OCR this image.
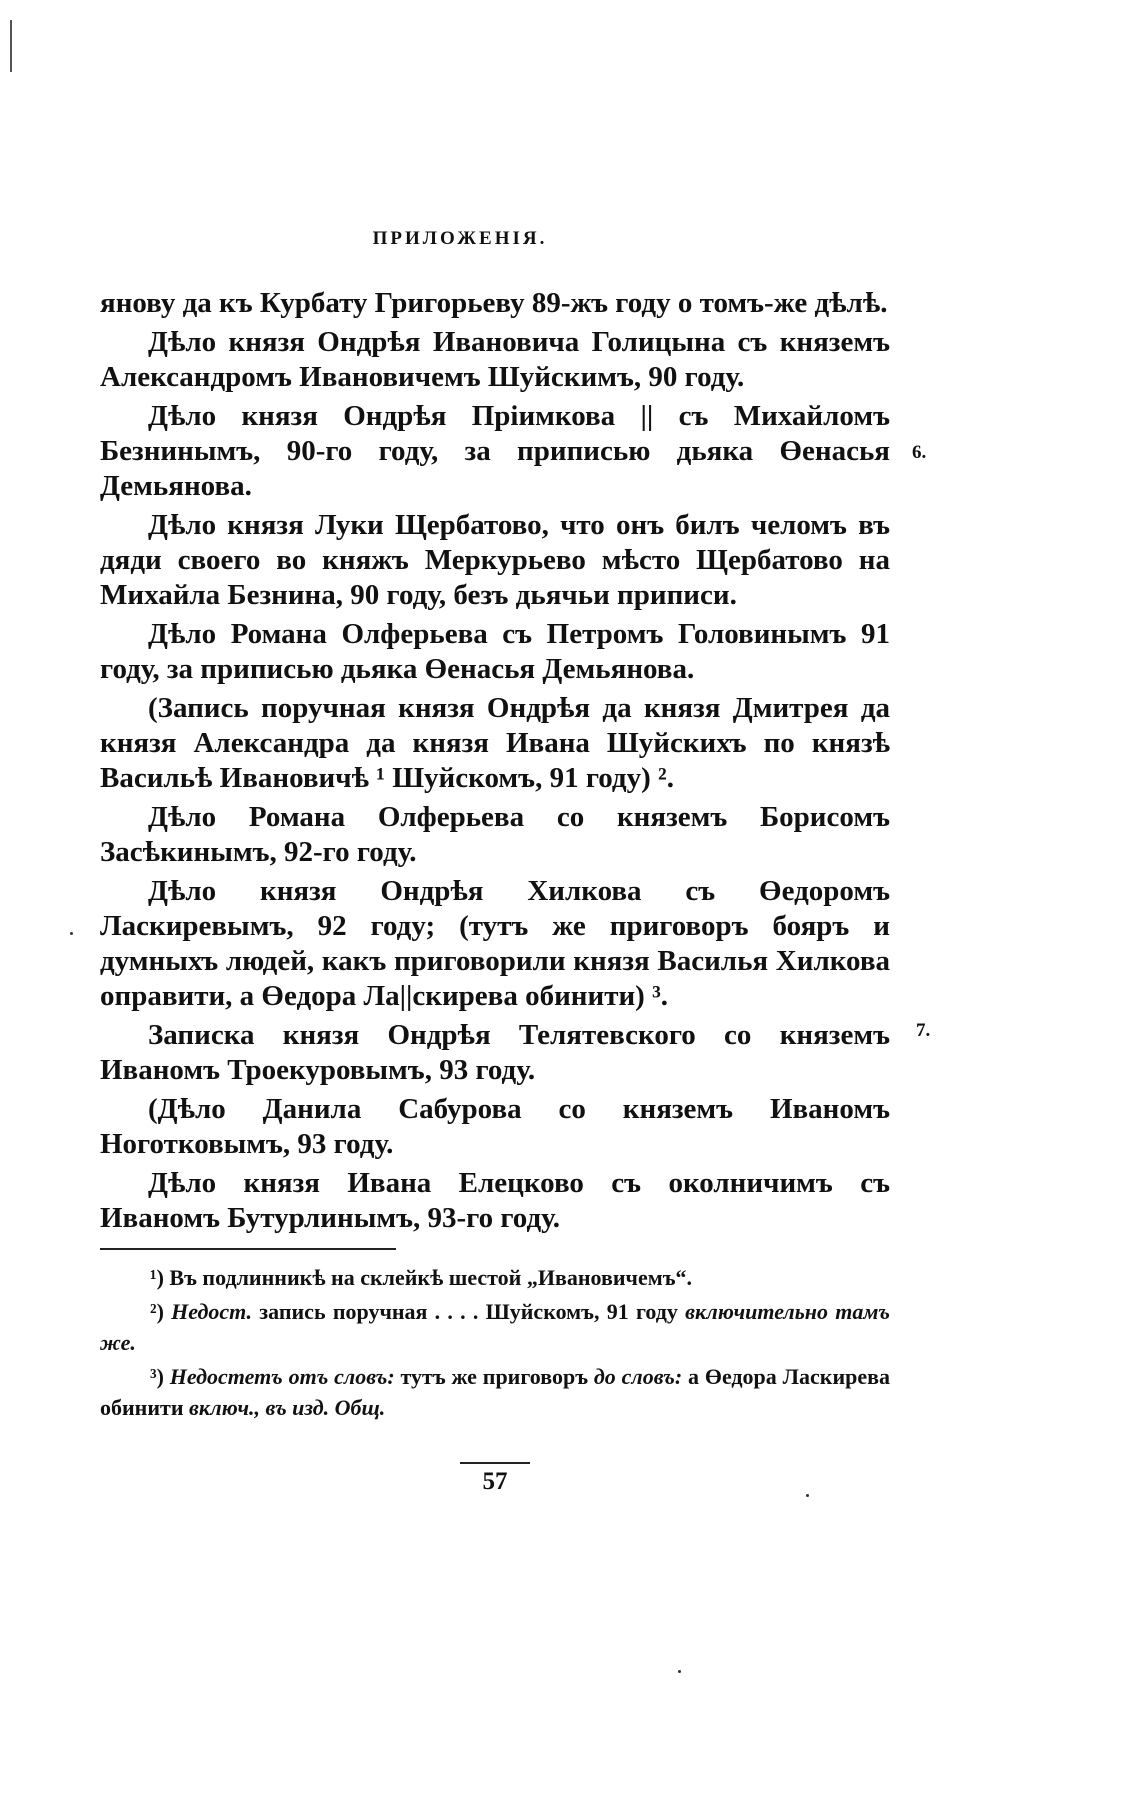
ПРИЛОЖЕНIЯ.

янову да къ Курбату Григорьеву 89-жъ году о томъ-же дѣлѣ.

Дѣло князя Ондрѣя Ивановича Голицына съ княземъ Александромъ Ивановичемъ Шуйскимъ, 90 году.

Дѣло князя Ондрѣя Пріимкова || съ Михайломъ Безнинымъ, 90-го году, за приписью дьяка Өенасья Демьянова.

Дѣло князя Луки Щербатово, что онъ билъ челомъ въ дяди своего во княжъ Меркурьево мѣсто Щербатово на Михайла Безнина, 90 году, безъ дьячьи приписи.

Дѣло Романа Олферьева съ Петромъ Головинымъ 91 году, за приписью дьяка Өенасья Демьянова.

(Запись поручная князя Ондрѣя да князя Дмитрея да князя Александра да князя Ивана Шуйскихъ по князѣ Васильѣ Ивановичѣ ¹ Шуйскомъ, 91 году) ².

Дѣло Романа Олферьева со княземъ Борисомъ Засѣкинымъ, 92-го году.

Дѣло князя Ондрѣя Хилкова съ Өедоромъ Ласкиревымъ, 92 году; (тутъ же приговоръ бояръ и думныхъ людей, какъ приговорили князя Василья Хилкова оправити, а Өедора Ла||скирева обинити) ³.

Записка князя Ондрѣя Телятевского со княземъ Иваномъ Троекуровымъ, 93 году.

(Дѣло Данила Сабурова со княземъ Иваномъ Ноготковымъ, 93 году.

Дѣло князя Ивана Елецково съ околничимъ съ Иваномъ Бутурлинымъ, 93-го году.

6.
7.

¹) Въ подлинникѣ на склейкѣ шестой „Ивановичемъ“.

²) Недост. запись поручная . . . . Шуйскомъ, 91 году включительно тамъ же.

³) Недостетъ отъ словъ: тутъ же приговоръ до словъ: а Өедора Ласкирева обинити включ., въ изд. Общ.

57
